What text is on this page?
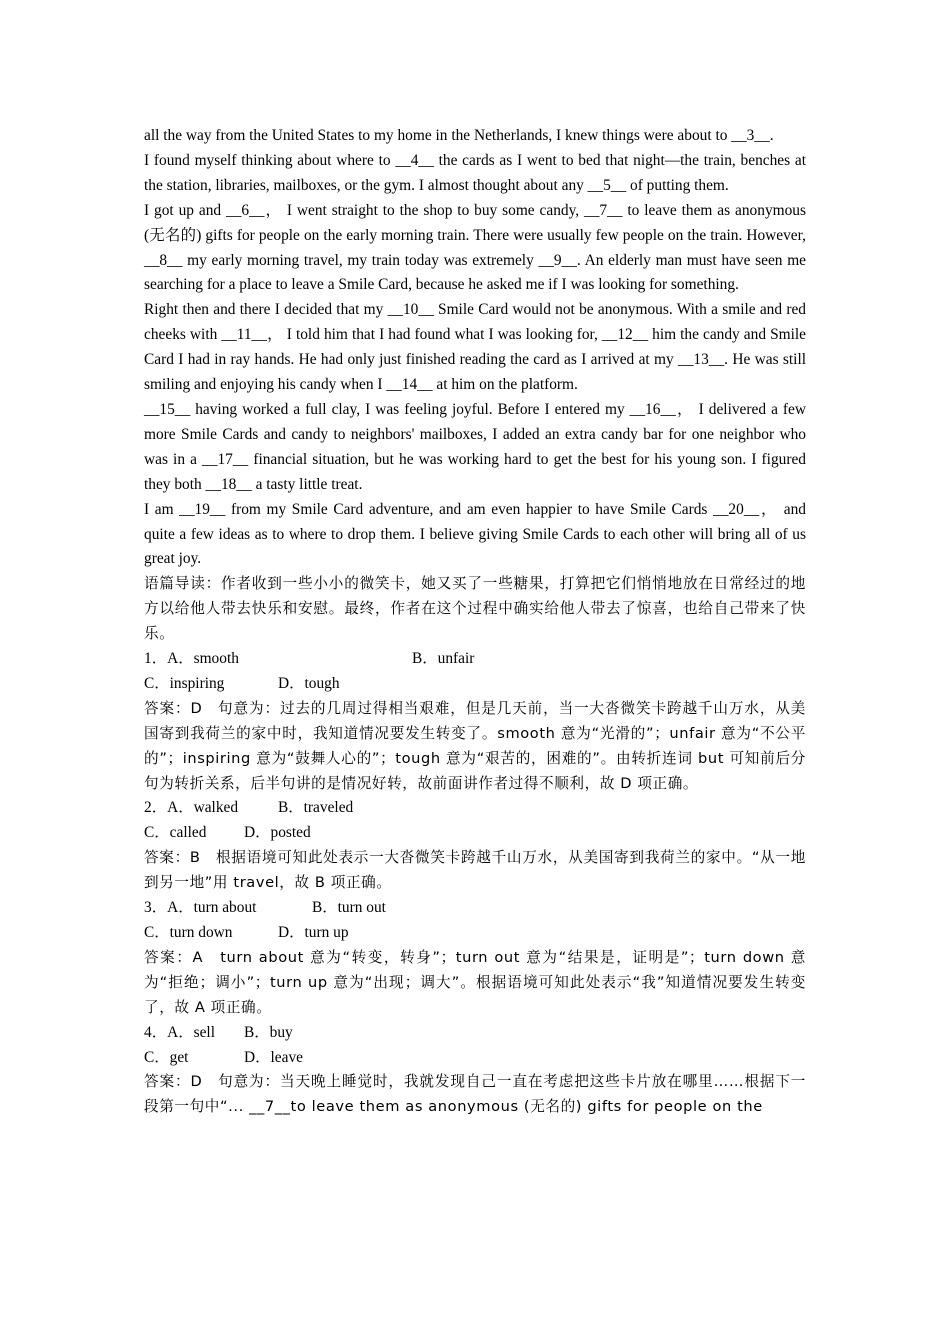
all the way from the United States to my home in the Netherlands, I knew things were about to __3__.

I found myself thinking about where to __4__ the cards as I went to bed that night—the train, benches at the station, libraries, mailboxes, or the gym. I almost thought about any __5__ of putting them.

I got up and __6__， I went straight to the shop to buy some candy, __7__ to leave them as anonymous (无名的) gifts for people on the early morning train. There were usually few people on the train. However, __8__ my early morning travel, my train today was extremely __9__. An elderly man must have seen me searching for a place to leave a Smile Card, because he asked me if I was looking for something.

Right then and there I decided that my __10__ Smile Card would not be anonymous. With a smile and red cheeks with __11__， I told him that I had found what I was looking for, __12__ him the candy and Smile Card I had in ray hands. He had only just finished reading the card as I arrived at my __13__. He was still smiling and enjoying his candy when I __14__ at him on the platform.

__15__ having worked a full clay, I was feeling joyful. Before I entered my __16__， I delivered a few more Smile Cards and candy to neighbors' mailboxes, I added an extra candy bar for one neighbor who was in a __17__ financial situation, but he was working hard to get the best for his young son. I figured they both __18__ a tasty little treat.

I am __19__ from my Smile Card adventure, and am even happier to have Smile Cards __20__， and quite a few ideas as to where to drop them. I believe giving Smile Cards to each other will bring all of us great joy.

语篇导读：作者收到一些小小的微笑卡，她又买了一些糖果，打算把它们悄悄地放在日常经过的地方以给他人带去快乐和安慰。最终，作者在这个过程中确实给他人带去了惊喜，也给自己带来了快乐。

1．A．smooth	B．unfair
C．inspiring	D．tough

答案：D　句意为：过去的几周过得相当艰难，但是几天前，当一大沓微笑卡跨越千山万水，从美国寄到我荷兰的家中时，我知道情况要发生转变了。smooth 意为“光滑的”；unfair 意为“不公平的”；inspiring 意为“鼓舞人心的”；tough 意为“艰苦的，困难的”。由转折连词 but 可知前后分句为转折关系，后半句讲的是情况好转，故前面讲作者过得不顺利，故 D 项正确。

2．A．walked	B．traveled
C．called	D．posted

答案：B　根据语境可知此处表示一大沓微笑卡跨越千山万水，从美国寄到我荷兰的家中。“从一地到另一地”用 travel，故 B 项正确。

3．A．turn about	B．turn out
C．turn down	D．turn up

答案：A　turn about 意为“转变，转身”；turn out 意为“结果是，证明是”；turn down 意为“拒绝；调小”；turn up 意为“出现；调大”。根据语境可知此处表示“我”知道情况要发生转变了，故 A 项正确。

4．A．sell	B．buy
C．get	D．leave

答案：D　句意为：当天晚上睡觉时，我就发现自己一直在考虑把这些卡片放在哪里……根据下一段第一句中“... __7__to leave them as anonymous (无名的) gifts for people on the
